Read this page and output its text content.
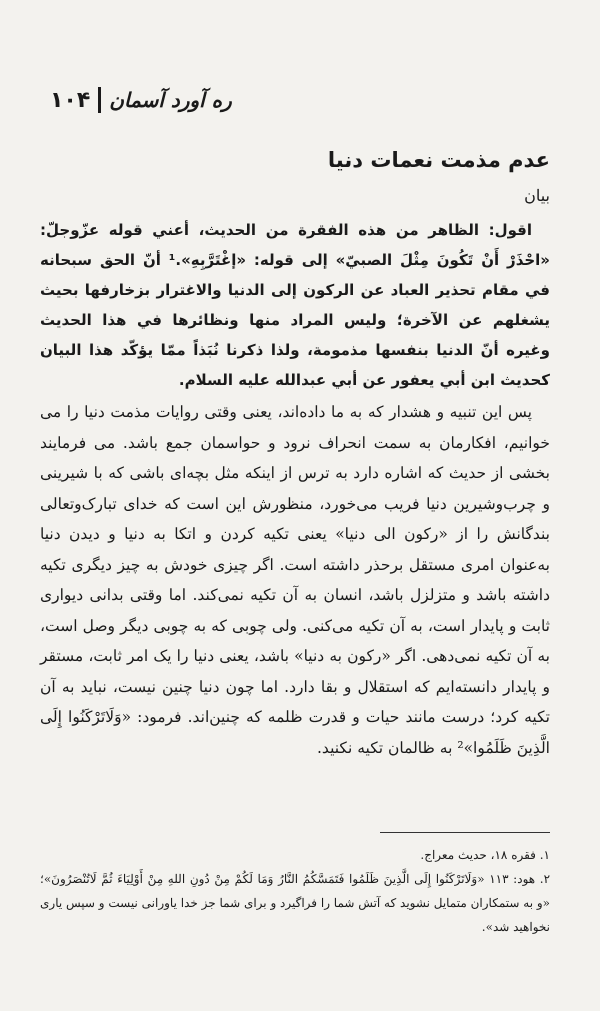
۱۰۴ ره آورد آسمان
عدم مذمت نعمات دنیا

بیان

اقول: الظاهر من هذه الفقرة من الحديث، أعني قوله عزّوجلّ: «احْذَرْ أَنْ تَكُونَ مِثْلَ الصبيّ» إلى قوله: «إغْتَرَّبِهِ».¹ أنّ الحق سبحانه في مقام تحذير العباد عن الركون إلى الدنيا والاغترار بزخارفها بحيث يشغلهم عن الآخرة؛ وليس المراد منها ونظائرها في هذا الحديث وغيره أنّ الدنيا بنفسها مذمومة، ولذا ذكرنا نُبَذاً ممّا يؤكّد هذا البيان كحديث ابن أبي يعفور عن أبي عبدالله عليه السلام.

پس این تنبیه و هشدار که به ما داده‌اند، یعنی وقتی روایات مذمت دنیا را می خوانیم، افکارمان به سمت انحراف نرود و حواسمان جمع باشد. می فرمایند بخشی از حدیث که اشاره دارد به ترس از اینکه مثل بچه‌ای باشی که با شیرینی و چرب‌وشیرین دنیا فریب می‌خورد، منظورش این است که خدای تبارک‌وتعالی بندگانش را از «رکون الی دنیا» یعنی تکیه کردن و اتکا به دنیا و دیدن دنیا به‌عنوان امری مستقل برحذر داشته است. اگر چیزی خودش به چیز دیگری تکیه داشته باشد و متزلزل باشد، انسان به آن تکیه نمی‌کند. اما وقتی بدانی دیواری ثابت و پایدار است، به آن تکیه می‌کنی. ولی چوبی که به چوبی دیگر وصل است، به آن تکیه نمی‌دهی. اگر «رکون به دنیا» باشد، یعنی دنیا را یک امر ثابت، مستقر و پایدار دانسته‌ایم که استقلال و بقا دارد. اما چون دنیا چنین نیست، نباید به آن تکیه کرد؛ درست مانند حیات و قدرت ظلمه که چنین‌اند. فرمود: «وَلَاتَرْكَنُوا إِلَى الَّذِينَ ظَلَمُوا»² به ظالمان تکیه نکنید.

۱. فقره ۱۸، حدیث معراج.

۲. هود: ۱۱۳ «وَلَاتَرْكَنُوا إِلَى الَّذِينَ ظَلَمُوا فَتَمَسَّكُمُ النَّارُ وَمَا لَكُمْ مِنْ دُونِ اللهِ مِنْ أَوْلِيَاءَ ثُمَّ لَاتُنْصَرُونَ»؛ «و به ستمکاران متمایل نشوید که آتش شما را فراگیرد و برای شما جز خدا یاورانی نیست و سپس یاری نخواهید شد».
